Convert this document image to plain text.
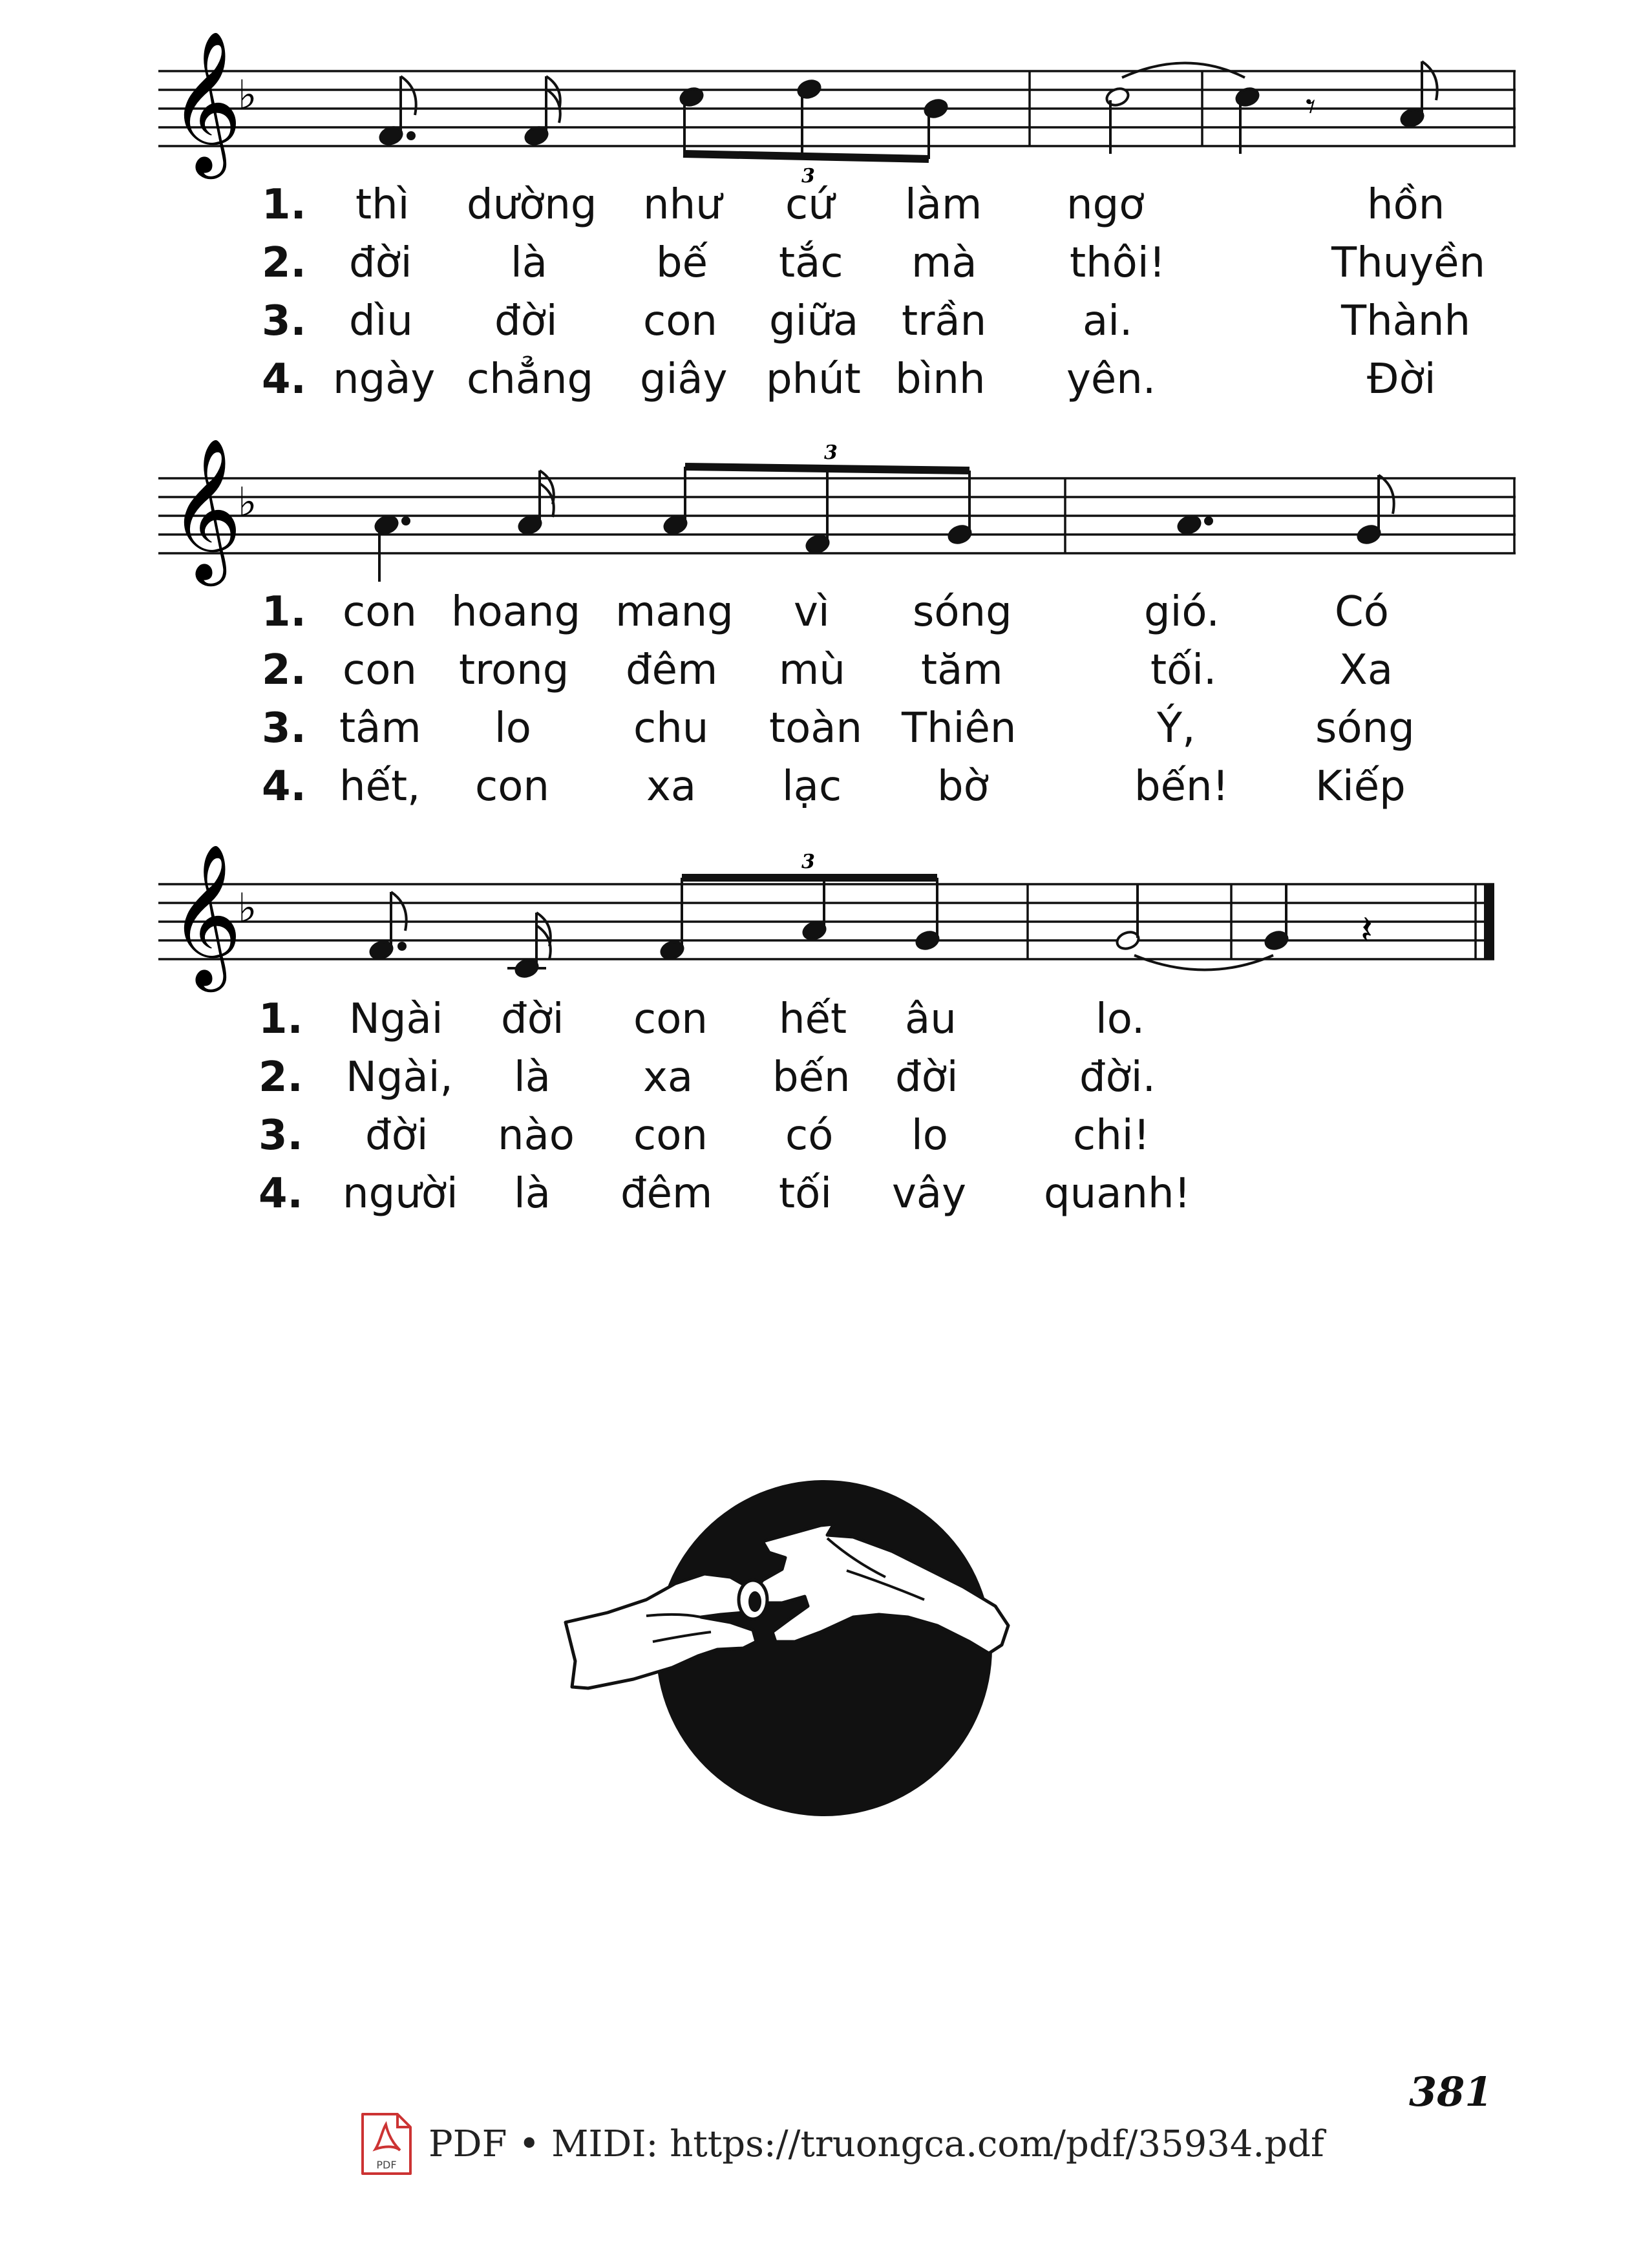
𝄞
♭
3
𝄾
1. thì dường như cứ làm ngơ	hồn
2. đời là	bế tắc mà thôi!	Thuyền
3. dìu đời con giữa trần ai.	Thành
4. ngày chẳng giây phút bình yên.	Đời
𝄞
♭
3
1. con hoang mang vì sóng	gió.	Có
2. con trong đêm mù tăm	tối.	Xa
3. tâm lo chu toàn Thiên	Ý,	sóng
4. hết, con xa lạc bờ	bến! Kiếp
𝄞
♭
3
𝄽
1. Ngài đời con hết âu	lo.
2. Ngài, là xa bến đời	đời.
3. đời nào con có lo	chi!
4. người là đêm tối vây quanh!
381
PDF PDF • MIDI: https://truongca.com/pdf/35934.pdf
